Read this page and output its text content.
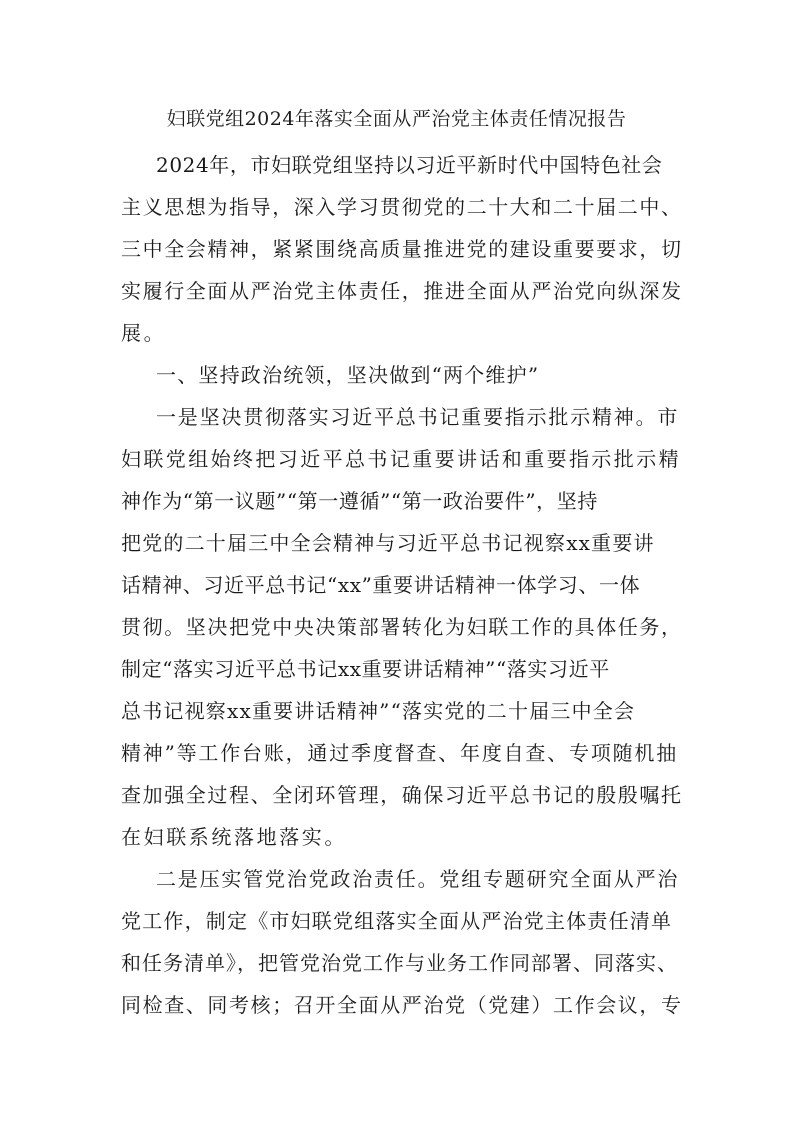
妇联党组2024年落实全面从严治党主体责任情况报告
2024年，市妇联党组坚持以习近平新时代中国特色社会
主义思想为指导，深入学习贯彻党的二十大和二十届二中、
三中全会精神，紧紧围绕高质量推进党的建设重要要求，切
实履行全面从严治党主体责任，推进全面从严治党向纵深发
展。
一、坚持政治统领，坚决做到“两个维护”
一是坚决贯彻落实习近平总书记重要指示批示精神。市
妇联党组始终把习近平总书记重要讲话和重要指示批示精
神作为“第一议题”“第一遵循”“第一政治要件”，坚持
把党的二十届三中全会精神与习近平总书记视察xx重要讲
话精神、习近平总书记“xx”重要讲话精神一体学习、一体
贯彻。坚决把党中央决策部署转化为妇联工作的具体任务，
制定“落实习近平总书记xx重要讲话精神”“落实习近平
总书记视察xx重要讲话精神”“落实党的二十届三中全会
精神”等工作台账，通过季度督查、年度自查、专项随机抽
查加强全过程、全闭环管理，确保习近平总书记的殷殷嘱托
在妇联系统落地落实。
二是压实管党治党政治责任。党组专题研究全面从严治
党工作，制定《市妇联党组落实全面从严治党主体责任清单
和任务清单》，把管党治党工作与业务工作同部署、同落实、
同检查、同考核；召开全面从严治党（党建）工作会议，专
